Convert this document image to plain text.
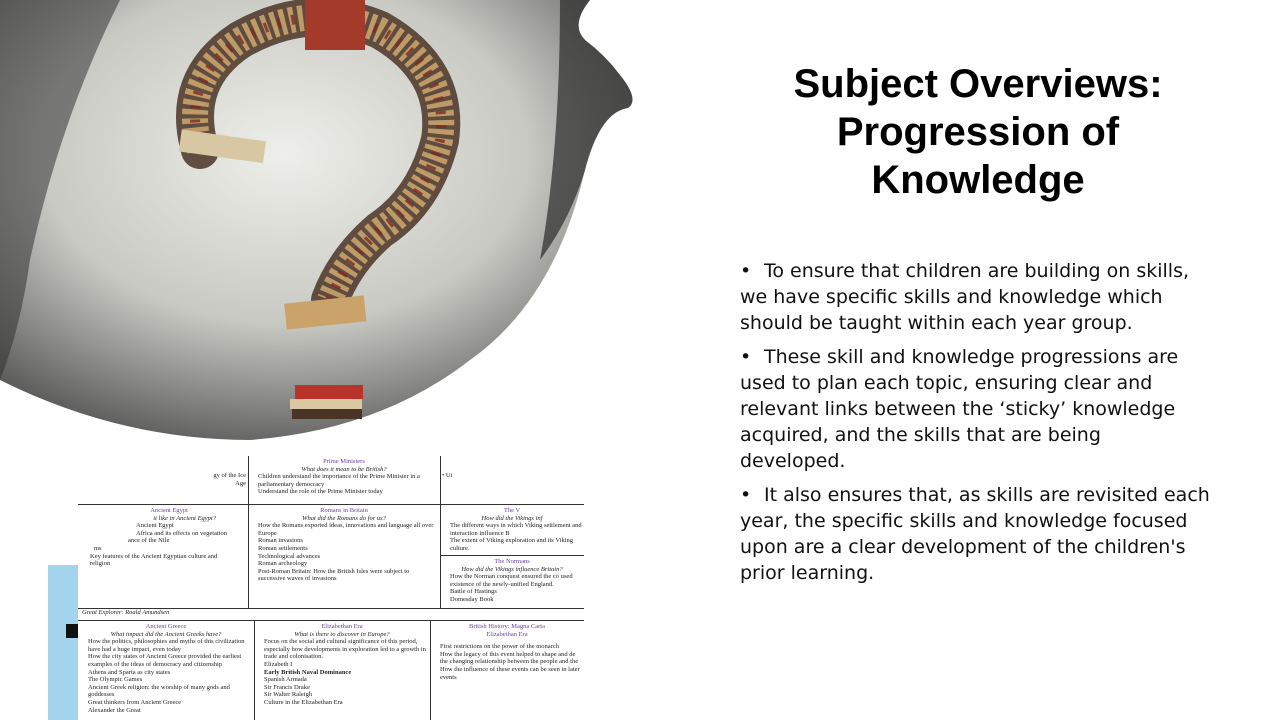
gy of the Ice
Age
Prime Ministers
What does it mean to be British?
• Children understand the importance of the Prime Minister in a parliamentary democracy
• Understand the role of the Prime Minister today
• Ui
Ancient Egypt
it like in Ancient Egypt?
Ancient Egypt
Africa and its effects on vegetation
ance of the Nile
ms
Key features of the Ancient Egyptian culture and
religion
Romans in Britain
What did the Romans do for us?
• How the Romans exported ideas, innovations and language all over Europe
• Roman invasions
• Roman settlements
• Technological advances
• Roman archeology
• Post-Roman Britain: How the British Isles were subject to successive waves of invasions
The V
How did the Vikings inf
• The different ways in which Viking settlement and interaction influence B
• The extent of Viking exploration and its Viking culture.
•
The Normans
How did the Vikings influence Britain?
• How the Norman conquest ensured the co used existence of the newly-unified England.
• Battle of Hastings
• Domesday Book
Great Explorer: Roald Amundsen
Ancient Greece
What impact did the Ancient Greeks have?
• How the politics, philosophies and myths of this civilization have had a huge impact, even today
• How the city states of Ancient Greece provided the earliest examples of the ideas of democracy and citizenship
• Athens and Sparta as city states
• The Olympic Games
• Ancient Greek religion: the worship of many gods and goddesses
• Great thinkers from Ancient Greece
• Alexander the Great
Elizabethan Era
What is there to discover in Europe?
• Focus on the social and cultural significance of this period, especially how developments in exploration led to a growth in trade and colonisation.
• Elizabeth I
• Early British Naval Dominance
• Spanish Armada
• Sir Francis Drake
• Sir Walter Raleigh
• Culture in the Elizabethan Era
British History: Magna Carta
Elizabethan Era
• First restrictions on the power of the monarch
• How the legacy of this event helped to shape and de the changing relationship between the people and the
• How the influence of these events can be seen in later events
Subject Overviews:
Progression of
Knowledge
• To ensure that children are building on skills, we have specific skills and knowledge which should be taught within each year group.
• These skill and knowledge progressions are used to plan each topic, ensuring clear and relevant links between the ‘sticky’ knowledge acquired, and the skills that are being developed.
• It also ensures that, as skills are revisited each year, the specific skills and knowledge focused upon are a clear development of the children's prior learning.
